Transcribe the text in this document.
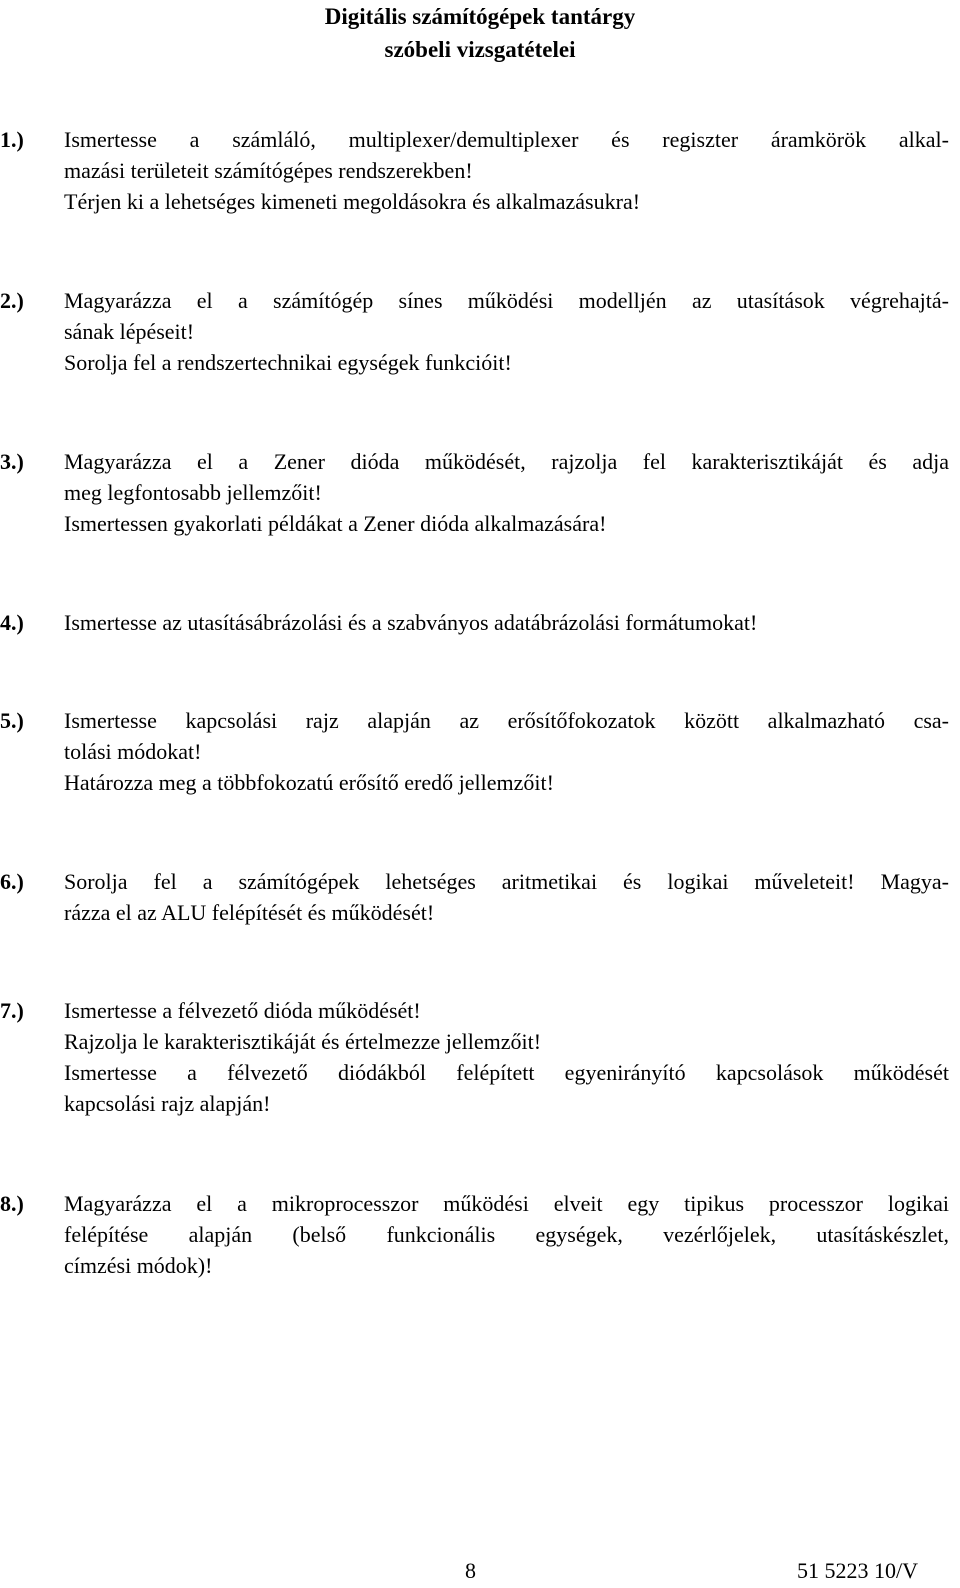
Digitális számítógépek tantárgy
szóbeli vizsgatételei
1.) Ismertesse a számláló, multiplexer/demultiplexer és regiszter áramkörök alkal-
mazási területeit számítógépes rendszerekben!
Térjen ki a lehetséges kimeneti megoldásokra és alkalmazásukra!
2.) Magyarázza el a számítógép sínes működési modelljén az utasítások végrehajtá-
sának lépéseit!
Sorolja fel a rendszertechnikai egységek funkcióit!
3.) Magyarázza el a Zener dióda működését, rajzolja fel karakterisztikáját és adja
meg legfontosabb jellemzőit!
Ismertessen gyakorlati példákat a Zener dióda alkalmazására!
4.) Ismertesse az utasításábrázolási és a szabványos adatábrázolási formátumokat!
5.) Ismertesse kapcsolási rajz alapján az erősítőfokozatok között alkalmazható csa-
tolási módokat!
Határozza meg a többfokozatú erősítő eredő jellemzőit!
6.) Sorolja fel a számítógépek lehetséges aritmetikai és logikai műveleteit! Magya-
rázza el az ALU felépítését és működését!
7.) Ismertesse a félvezető dióda működését!
Rajzolja le karakterisztikáját és értelmezze jellemzőit!
Ismertesse a félvezető diódákból felépített egyenirányító kapcsolások működését
kapcsolási rajz alapján!
8.) Magyarázza el a mikroprocesszor működési elveit egy tipikus processzor logikai
felépítése alapján (belső funkcionális egységek, vezérlőjelek, utasításkészlet,
címzési módok)!
8	51 5223 10/V
